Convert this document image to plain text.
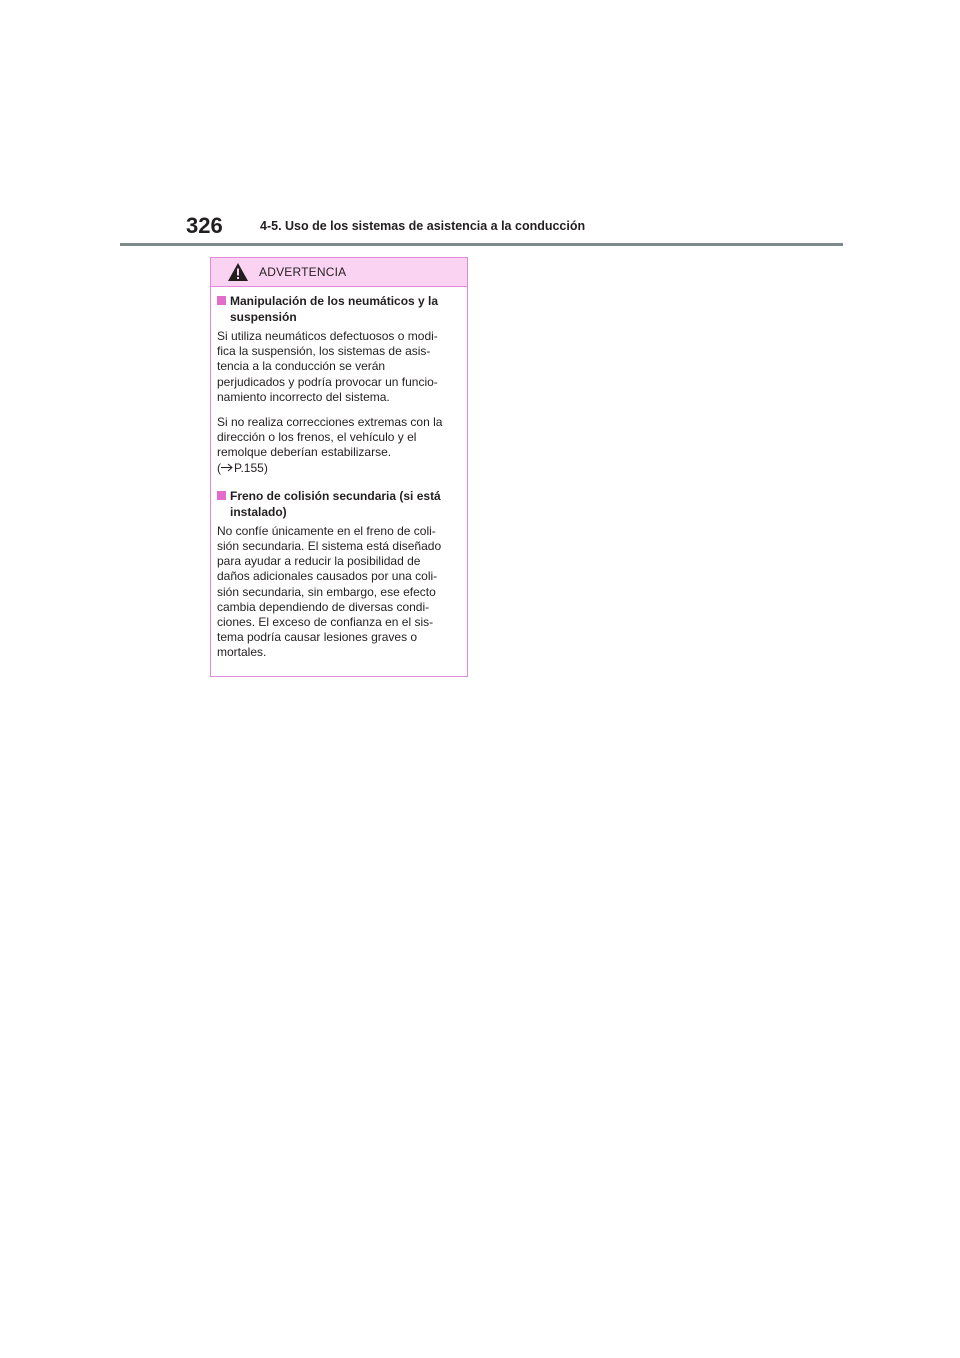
326	4-5. Uso de los sistemas de asistencia a la conducción
ADVERTENCIA
Manipulación de los neumáticos y la
suspensión

Si utiliza neumáticos defectuosos o modi-
fica la suspensión, los sistemas de asis-
tencia a la conducción se verán
perjudicados y podría provocar un funcio-
namiento incorrecto del sistema.

Si no realiza correcciones extremas con la
dirección o los frenos, el vehículo y el
remolque deberían estabilizarse.
( P.155)

Freno de colisión secundaria (si está
instalado)

No confíe únicamente en el freno de coli-
sión secundaria. El sistema está diseñado
para ayudar a reducir la posibilidad de
daños adicionales causados por una coli-
sión secundaria, sin embargo, ese efecto
cambia dependiendo de diversas condi-
ciones. El exceso de confianza en el sis-
tema podría causar lesiones graves o
mortales.
